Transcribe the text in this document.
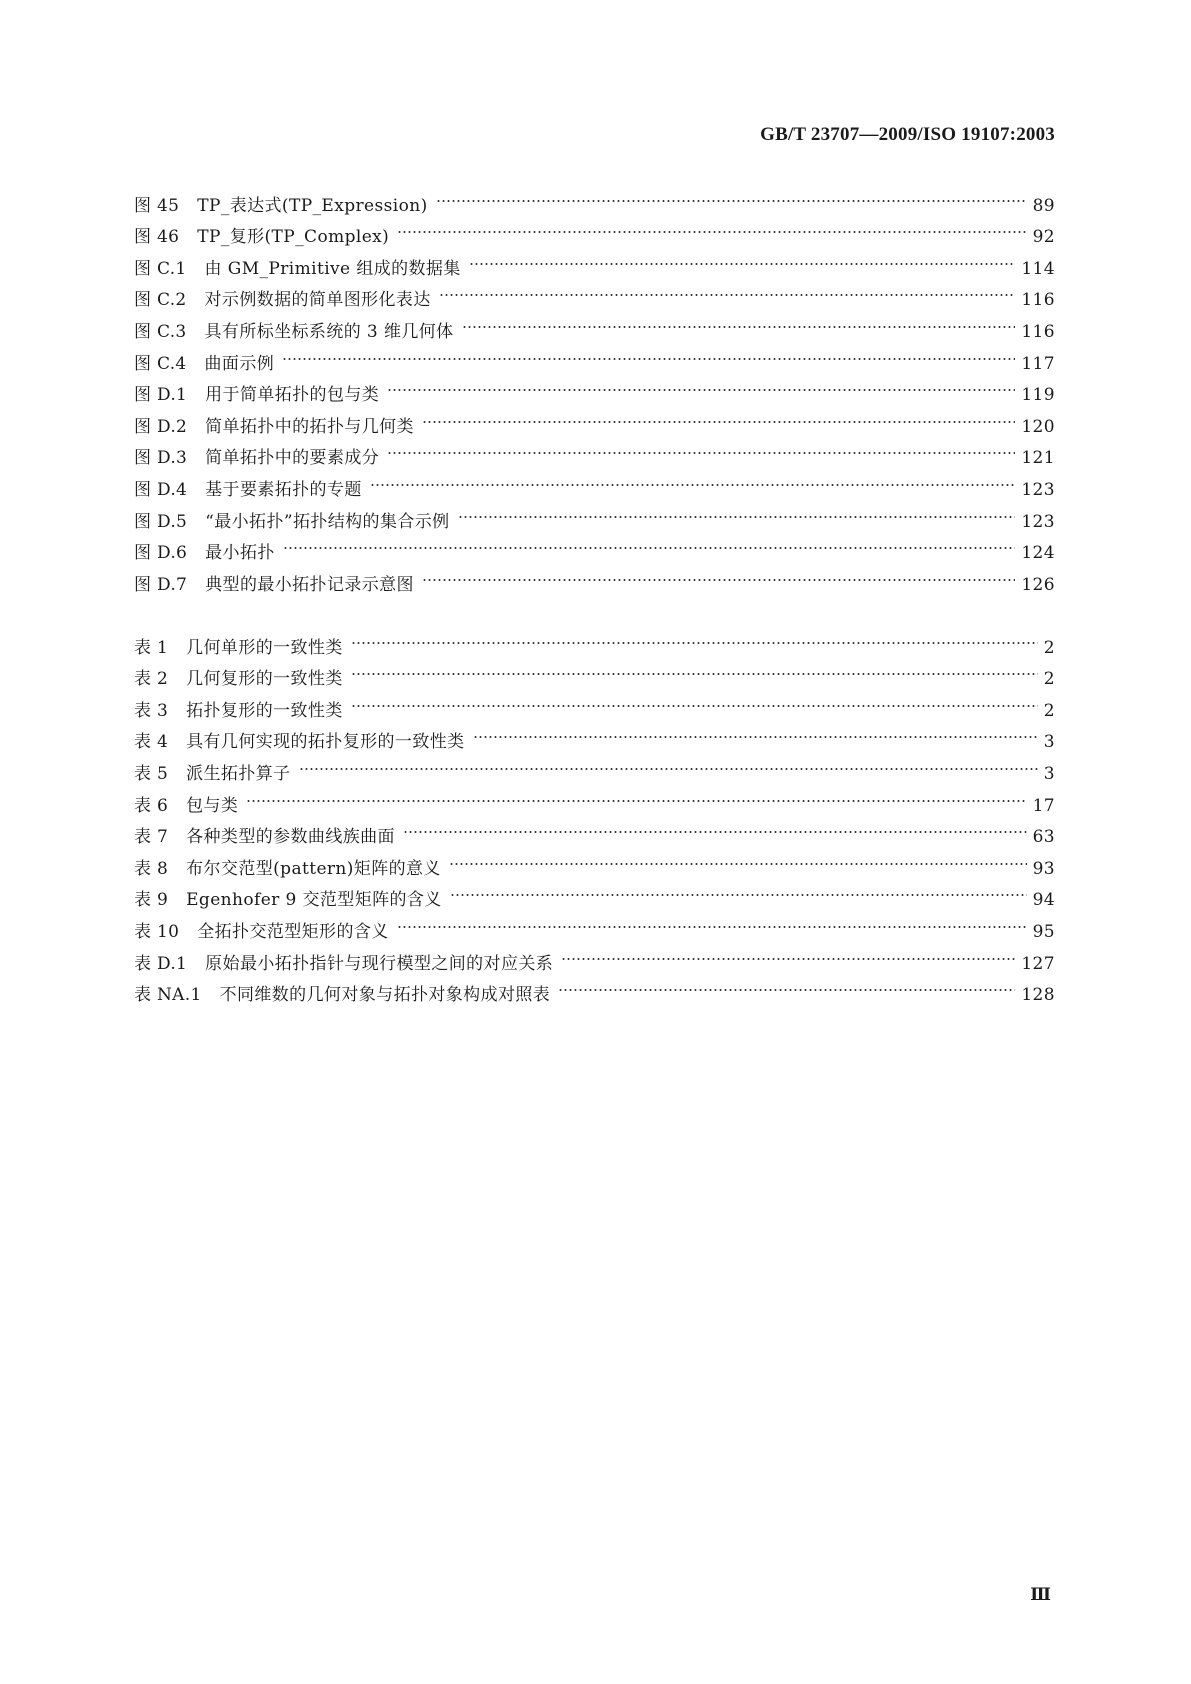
GB/T 23707—2009/ISO 19107:2003
图 45 TP_表达式(TP_Expression)	89
图 46 TP_复形(TP_Complex)	92
图 C.1 由 GM_Primitive 组成的数据集	114
图 C.2 对示例数据的简单图形化表达	116
图 C.3 具有所标坐标系统的 3 维几何体	116
图 C.4 曲面示例	117
图 D.1 用于简单拓扑的包与类	119
图 D.2 简单拓扑中的拓扑与几何类	120
图 D.3 简单拓扑中的要素成分	121
图 D.4 基于要素拓扑的专题	123
图 D.5 “最小拓扑”拓扑结构的集合示例	123
图 D.6 最小拓扑	124
图 D.7 典型的最小拓扑记录示意图	126
表 1 几何单形的一致性类	2
表 2 几何复形的一致性类	2
表 3 拓扑复形的一致性类	2
表 4 具有几何实现的拓扑复形的一致性类	3
表 5 派生拓扑算子	3
表 6 包与类	17
表 7 各种类型的参数曲线族曲面	63
表 8 布尔交范型(pattern)矩阵的意义	93
表 9 Egenhofer 9 交范型矩阵的含义	94
表 10 全拓扑交范型矩形的含义	95
表 D.1 原始最小拓扑指针与现行模型之间的对应关系	127
表 NA.1 不同维数的几何对象与拓扑对象构成对照表	128
Ⅲ
